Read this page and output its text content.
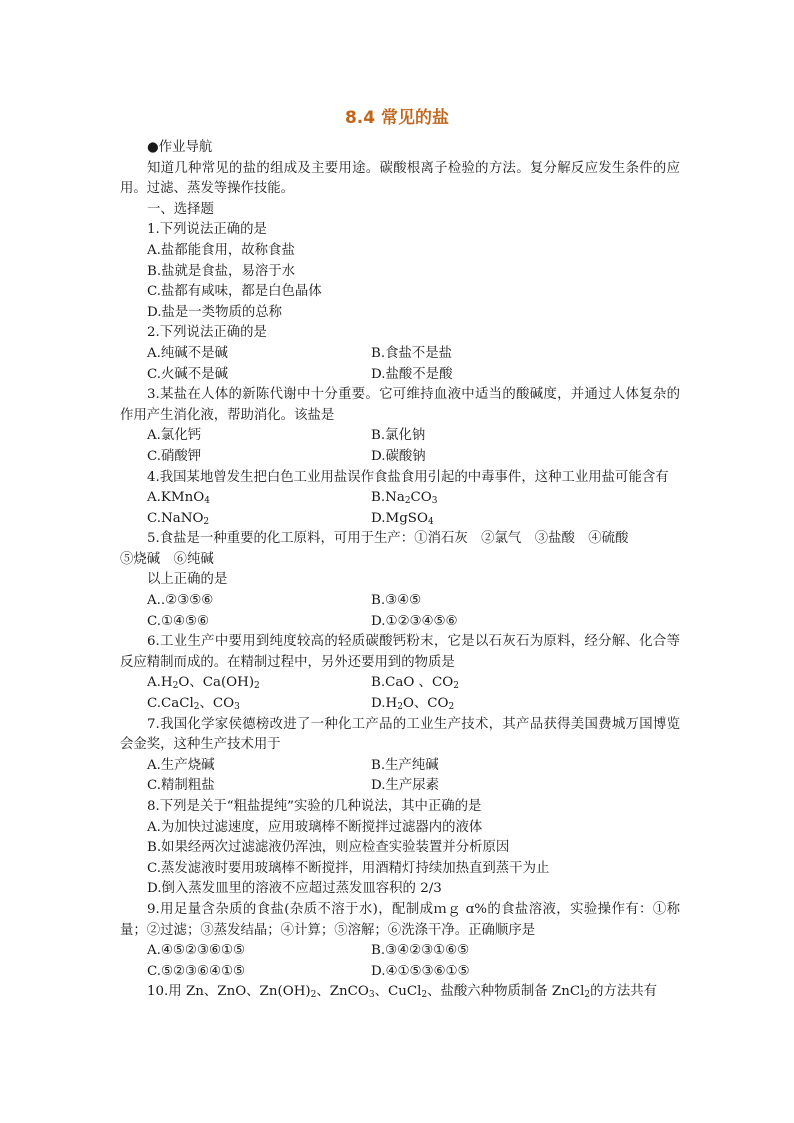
8.4 常见的盐
●作业导航
知道几种常见的盐的组成及主要用途。碳酸根离子检验的方法。复分解反应发生条件的应用。过滤、蒸发等操作技能。
一、选择题
1.下列说法正确的是
A.盐都能食用，故称食盐
B.盐就是食盐，易溶于水
C.盐都有咸味，都是白色晶体
D.盐是一类物质的总称
2.下列说法正确的是
A.纯碱不是碱	B.食盐不是盐
C.火碱不是碱	D.盐酸不是酸
3.某盐在人体的新陈代谢中十分重要。它可维持血液中适当的酸碱度，并通过人体复杂的作用产生消化液，帮助消化。该盐是
A.氯化钙	B.氯化钠
C.硝酸钾	D.碳酸钠
4.我国某地曾发生把白色工业用盐误作食盐食用引起的中毒事件，这种工业用盐可能含有
A.KMnO$_4$	$B.Na_2CO_3$
C.NaNO$_2$	D.MgSO$_4$
5.食盐是一种重要的化工原料，可用于生产：①消石灰　②氯气　③盐酸　④硫酸
⑤烧碱　⑥纯碱
以上正确的是
A..②③⑤⑥	B.③④⑤
C.①④⑤⑥	D.①②③④⑤⑥
6.工业生产中要用到纯度较高的轻质碳酸钙粉末，它是以石灰石为原料，经分解、化合等反应精制而成的。在精制过程中，另外还要用到的物质是
$A.H_2O$、$Ca(OH)_2$	B.CaO 、$CO_2$
C.CaCl$_2$、$CO_3$	$D.H_2O$、$CO_2$
7.我国化学家侯德榜改进了一种化工产品的工业生产技术，其产品获得美国费城万国博览会金奖，这种生产技术用于
A.生产烧碱	B.生产纯碱
C.精制粗盐	D.生产尿素
8.下列是关于“粗盐提纯”实验的几种说法，其中正确的是
A.为加快过滤速度，应用玻璃棒不断搅拌过滤器内的液体
B.如果经两次过滤滤液仍浑浊，则应检查实验装置并分析原因
C.蒸发滤液时要用玻璃棒不断搅拌，用酒精灯持续加热直到蒸干为止
D.倒入蒸发皿里的溶液不应超过蒸发皿容积的 2/3
9.用足量含杂质的食盐(杂质不溶于水)，配制成ｍｇ ɑ%的食盐溶液，实验操作有：①称量；②过滤；③蒸发结晶；④计算；⑤溶解；⑥洗涤干净。正确顺序是
A.④⑤②③⑥①⑤	B.③④②③①⑥⑤
C.⑤②③⑥④①⑤	D.④①⑤③⑥①⑤
10.用 Zn、ZnO、$Zn(OH)_2$、ZnCO$_3$、CuCl$_2$、盐酸六种物质制备 ZnCl$_2$的方法共有
